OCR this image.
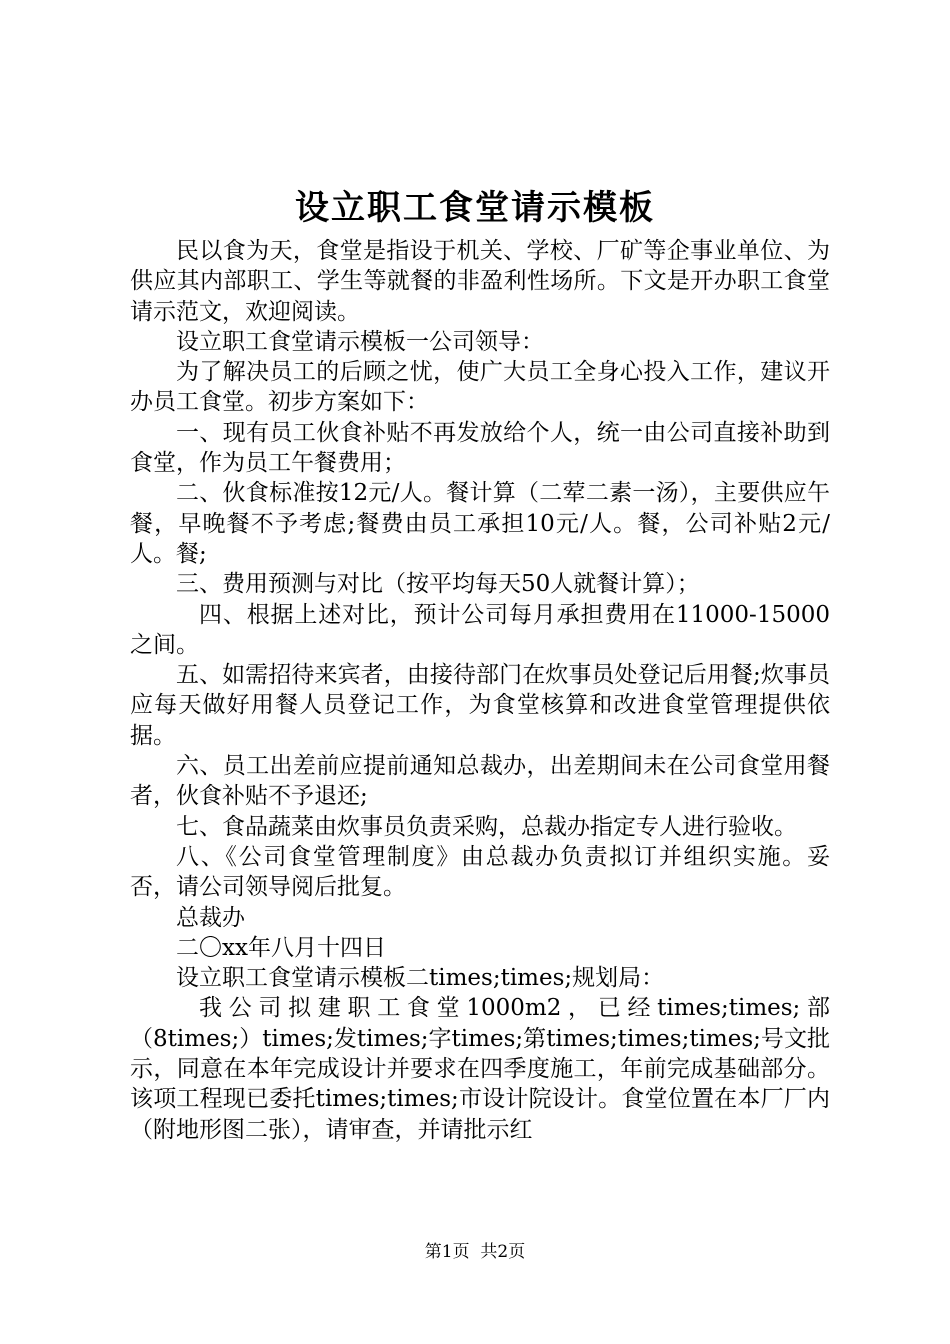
设立职工食堂请示模板

民以食为天，食堂是指设于机关、学校、厂矿等企事业单位、为供应其内部职工、学生等就餐的非盈利性场所。下文是开办职工食堂请示范文，欢迎阅读。

设立职工食堂请示模板一公司领导：

为了解决员工的后顾之忧，使广大员工全身心投入工作，建议开办员工食堂。初步方案如下：

一、现有员工伙食补贴不再发放给个人，统一由公司直接补助到食堂，作为员工午餐费用；

二、伙食标准按12元/人。餐计算（二荤二素一汤），主要供应午餐，早晚餐不予考虑;餐费由员工承担10元/人。餐，公司补贴2元/人。餐;

三、费用预测与对比（按平均每天50人就餐计算）；

四、根据上述对比，预计公司每月承担费用在11000-15000之间。

五、如需招待来宾者，由接待部门在炊事员处登记后用餐;炊事员应每天做好用餐人员登记工作，为食堂核算和改进食堂管理提供依据。

六、员工出差前应提前通知总裁办，出差期间未在公司食堂用餐者，伙食补贴不予退还;

七、食品蔬菜由炊事员负责采购，总裁办指定专人进行验收。

八、《公司食堂管理制度》由总裁办负责拟订并组织实施。妥否，请公司领导阅后批复。

总裁办

二〇xx年八月十四日

设立职工食堂请示模板二times;times;规划局：

我公司拟建职工食堂1000m2，已经times;times;部（8times;）times;发times;字times;第times;times;times;号文批示，同意在本年完成设计并要求在四季度施工，年前完成基础部分。该项工程现已委托times;times;市设计院设计。食堂位置在本厂厂内（附地形图二张），请审查，并请批示红

第1页  共2页
